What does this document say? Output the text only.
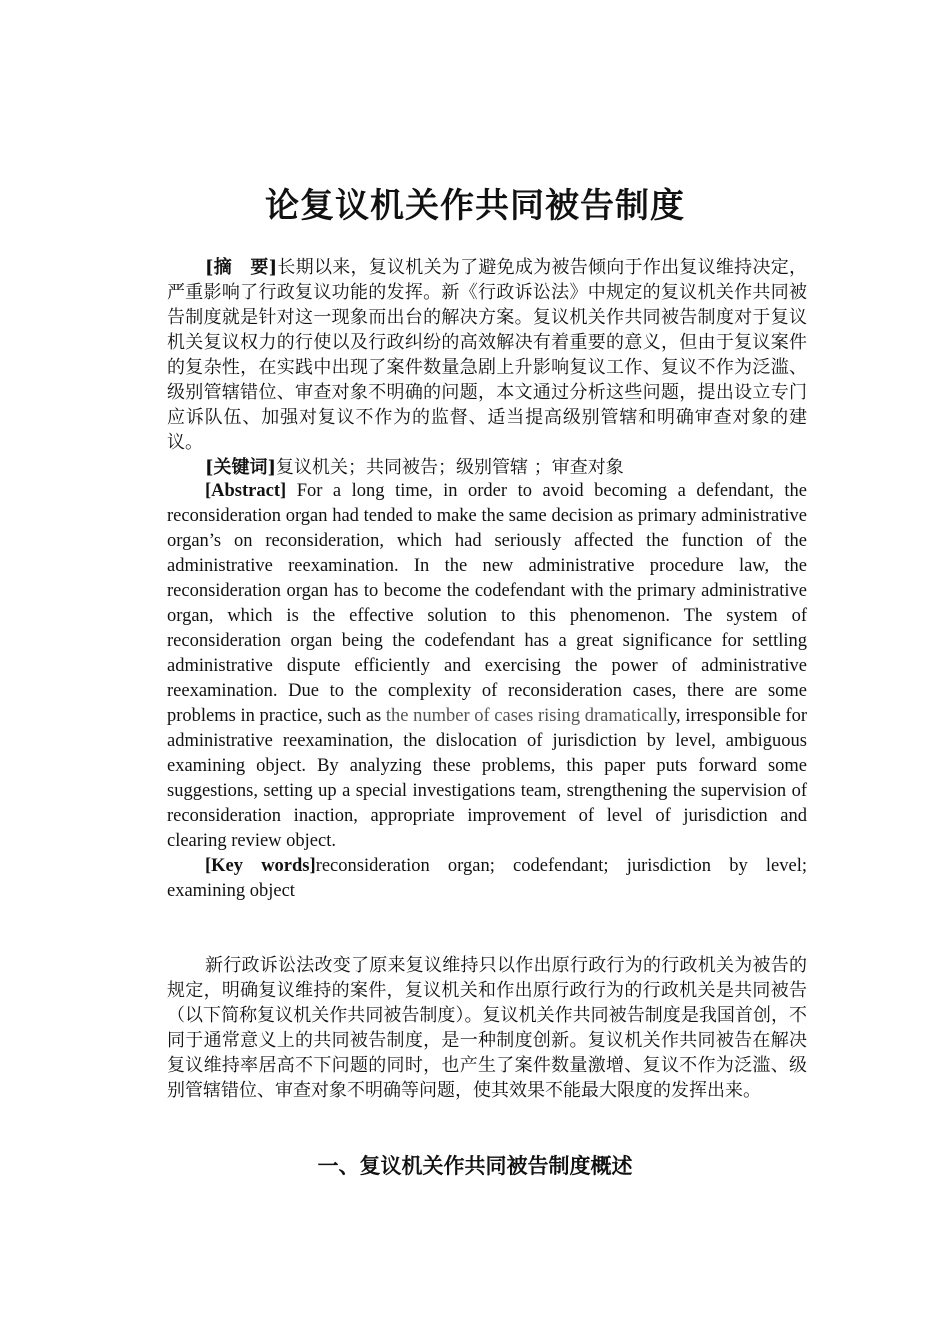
论复议机关作共同被告制度

[摘　要]长期以来，复议机关为了避免成为被告倾向于作出复议维持决定，严重影响了行政复议功能的发挥。新《行政诉讼法》中规定的复议机关作共同被告制度就是针对这一现象而出台的解决方案。复议机关作共同被告制度对于复议机关复议权力的行使以及行政纠纷的高效解决有着重要的意义，但由于复议案件的复杂性，在实践中出现了案件数量急剧上升影响复议工作、复议不作为泛滥、级别管辖错位、审查对象不明确的问题，本文通过分析这些问题，提出设立专门应诉队伍、加强对复议不作为的监督、适当提高级别管辖和明确审查对象的建议。

[关键词]复议机关；共同被告；级别管辖 ；审查对象

[Abstract] For a long time, in order to avoid becoming a defendant, the reconsideration organ had tended to make the same decision as primary administrative organ’s on reconsideration, which had seriously affected the function of the administrative reexamination. In the new administrative procedure law, the reconsideration organ has to become the codefendant with the primary administrative organ, which is the effective solution to this phenomenon. The system of reconsideration organ being the codefendant has a great significance for settling administrative dispute efficiently and exercising the power of administrative reexamination. Due to the complexity of reconsideration cases, there are some problems in practice, such as the number of cases rising dramatically, irresponsible for administrative reexamination, the dislocation of jurisdiction by level, ambiguous examining object. By analyzing these problems, this paper puts forward some suggestions, setting up a special investigations team, strengthening the supervision of reconsideration inaction, appropriate improvement of level of jurisdiction and clearing review object.

[Key words]reconsideration organ; codefendant; jurisdiction by level; examining object

新行政诉讼法改变了原来复议维持只以作出原行政行为的行政机关为被告的规定，明确复议维持的案件，复议机关和作出原行政行为的行政机关是共同被告（以下简称复议机关作共同被告制度）。复议机关作共同被告制度是我国首创，不同于通常意义上的共同被告制度，是一种制度创新。复议机关作共同被告在解决复议维持率居高不下问题的同时，也产生了案件数量激增、复议不作为泛滥、级别管辖错位、审查对象不明确等问题，使其效果不能最大限度的发挥出来。

一、复议机关作共同被告制度概述
